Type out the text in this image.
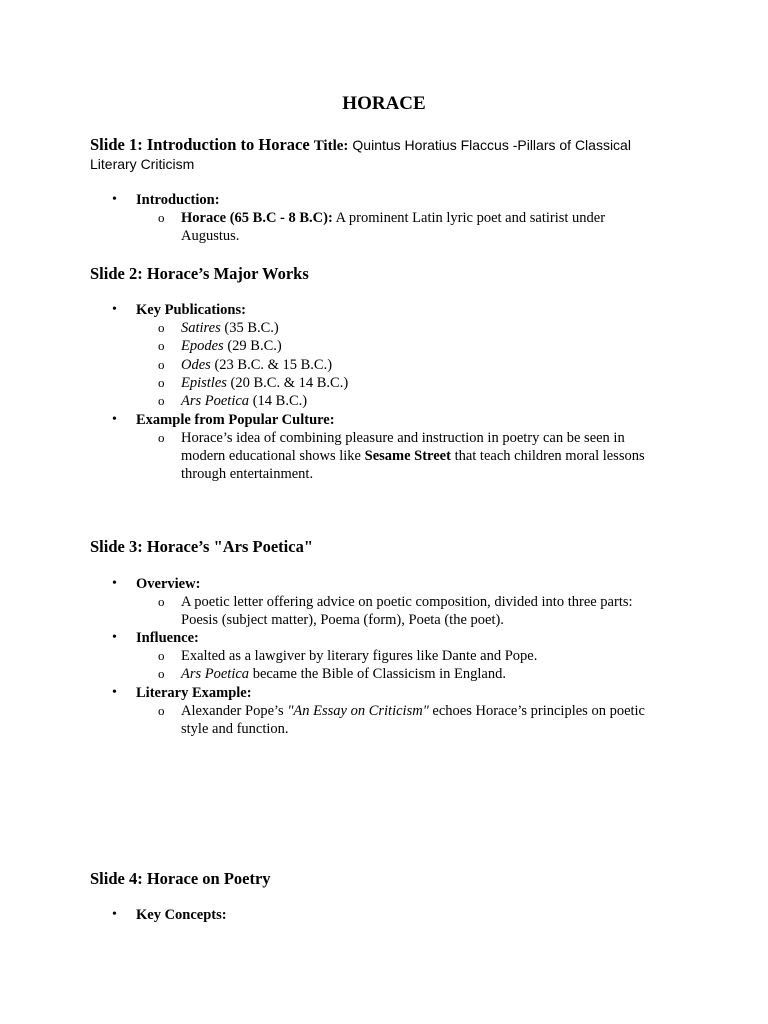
HORACE
Slide 1: Introduction to Horace Title: Quintus Horatius Flaccus -Pillars of Classical Literary Criticism
• Introduction:
o Horace (65 B.C - 8 B.C): A prominent Latin lyric poet and satirist under
Augustus.
Slide 2: Horace’s Major Works
• Key Publications:
o Satires (35 B.C.)
o Epodes (29 B.C.)
o Odes (23 B.C. & 15 B.C.)
o Epistles (20 B.C. & 14 B.C.)
o Ars Poetica (14 B.C.)
• Example from Popular Culture:
o Horace’s idea of combining pleasure and instruction in poetry can be seen in
modern educational shows like Sesame Street that teach children moral lessons
through entertainment.
Slide 3: Horace’s "Ars Poetica"
• Overview:
o A poetic letter offering advice on poetic composition, divided into three parts:
Poesis (subject matter), Poema (form), Poeta (the poet).
• Influence:
o Exalted as a lawgiver by literary figures like Dante and Pope.
o Ars Poetica became the Bible of Classicism in England.
• Literary Example:
o Alexander Pope’s "An Essay on Criticism" echoes Horace’s principles on poetic
style and function.
Slide 4: Horace on Poetry
• Key Concepts:
